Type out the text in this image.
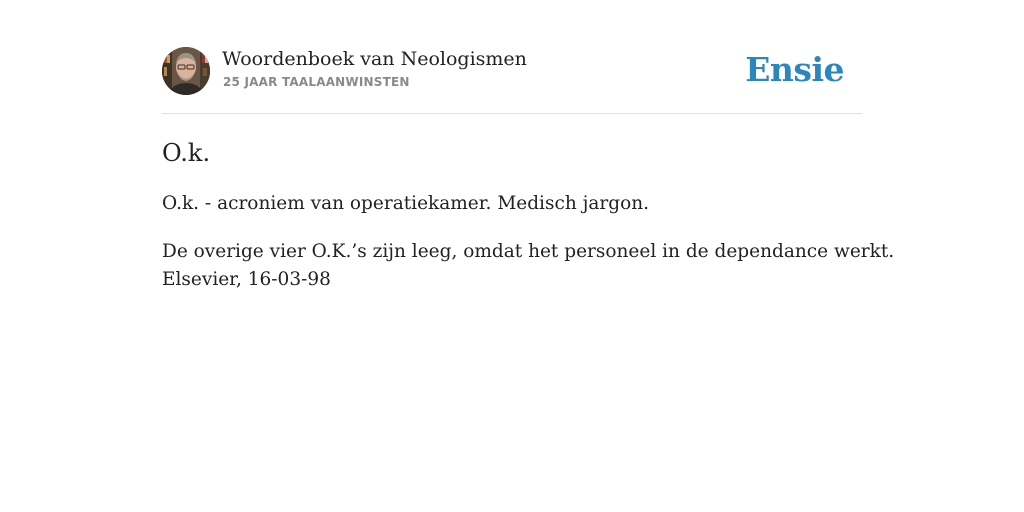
Woordenboek van Neologismen
25 JAAR TAALAANWINSTEN	Ensie
O.k.

O.k. - acroniem van operatiekamer. Medisch jargon.

De overige vier O.K.’s zijn leeg, omdat het personeel in de dependance werkt.
Elsevier, 16-03-98
